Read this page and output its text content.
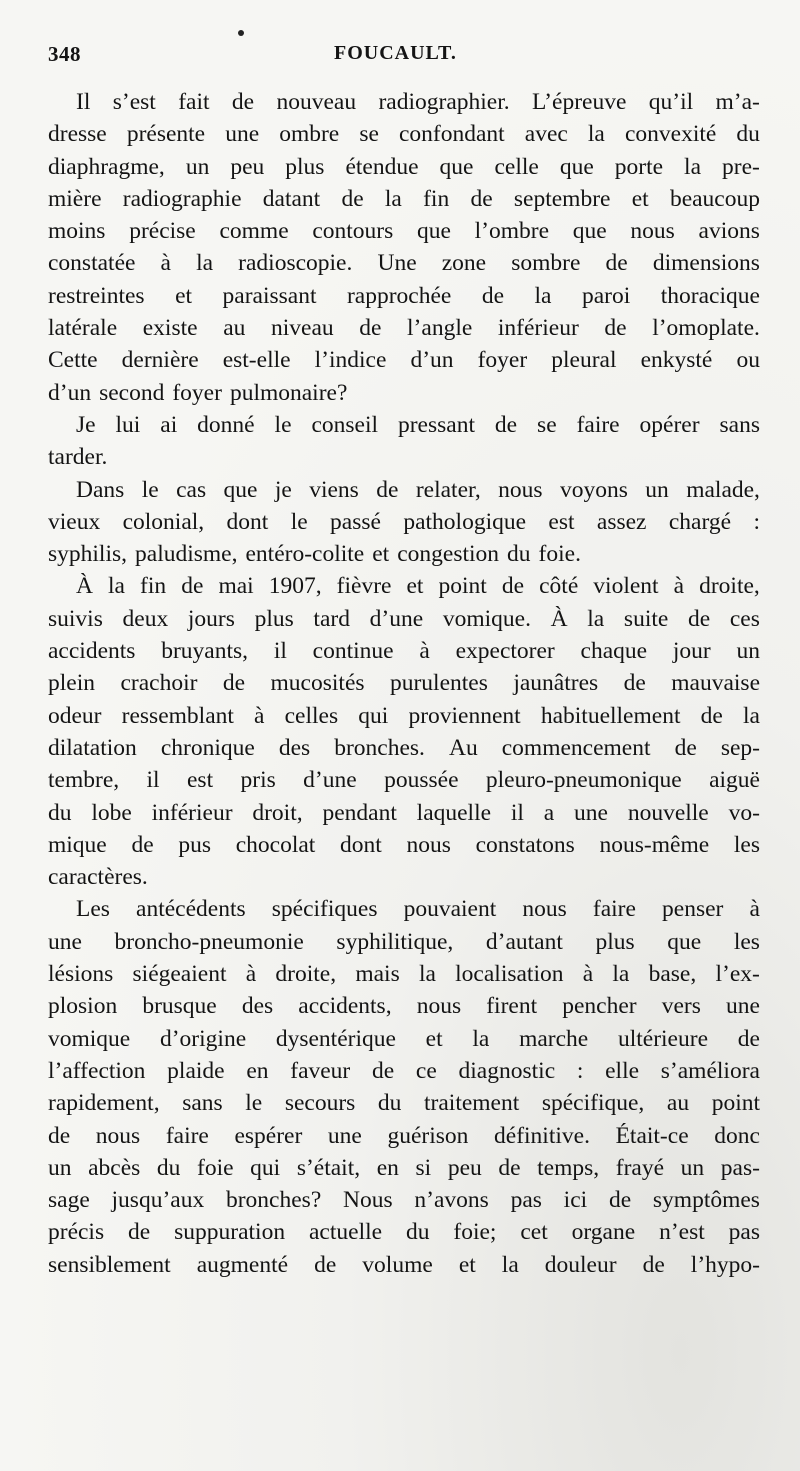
348	FOUCAULT.
Il s’est fait de nouveau radiographier. L’épreuve qu’il m’a-
dresse présente une ombre se confondant avec la convexité du
diaphragme, un peu plus étendue que celle que porte la pre-
mière radiographie datant de la fin de septembre et beaucoup
moins précise comme contours que l’ombre que nous avions
constatée à la radioscopie. Une zone sombre de dimensions
restreintes et paraissant rapprochée de la paroi thoracique
latérale existe au niveau de l’angle inférieur de l’omoplate.
Cette dernière est-elle l’indice d’un foyer pleural enkysté ou
d’un second foyer pulmonaire?
Je lui ai donné le conseil pressant de se faire opérer sans
tarder.
Dans le cas que je viens de relater, nous voyons un malade,
vieux colonial, dont le passé pathologique est assez chargé :
syphilis, paludisme, entéro-colite et congestion du foie.
À la fin de mai 1907, fièvre et point de côté violent à droite,
suivis deux jours plus tard d’une vomique. À la suite de ces
accidents bruyants, il continue à expectorer chaque jour un
plein crachoir de mucosités purulentes jaunâtres de mauvaise
odeur ressemblant à celles qui proviennent habituellement de la
dilatation chronique des bronches. Au commencement de sep-
tembre, il est pris d’une poussée pleuro-pneumonique aiguë
du lobe inférieur droit, pendant laquelle il a une nouvelle vo-
mique de pus chocolat dont nous constatons nous-même les
caractères.
Les antécédents spécifiques pouvaient nous faire penser à
une broncho-pneumonie syphilitique, d’autant plus que les
lésions siégeaient à droite, mais la localisation à la base, l’ex-
plosion brusque des accidents, nous firent pencher vers une
vomique d’origine dysentérique et la marche ultérieure de
l’affection plaide en faveur de ce diagnostic : elle s’améliora
rapidement, sans le secours du traitement spécifique, au point
de nous faire espérer une guérison définitive. Était-ce donc
un abcès du foie qui s’était, en si peu de temps, frayé un pas-
sage jusqu’aux bronches? Nous n’avons pas ici de symptômes
précis de suppuration actuelle du foie; cet organe n’est pas
sensiblement augmenté de volume et la douleur de l’hypo-
